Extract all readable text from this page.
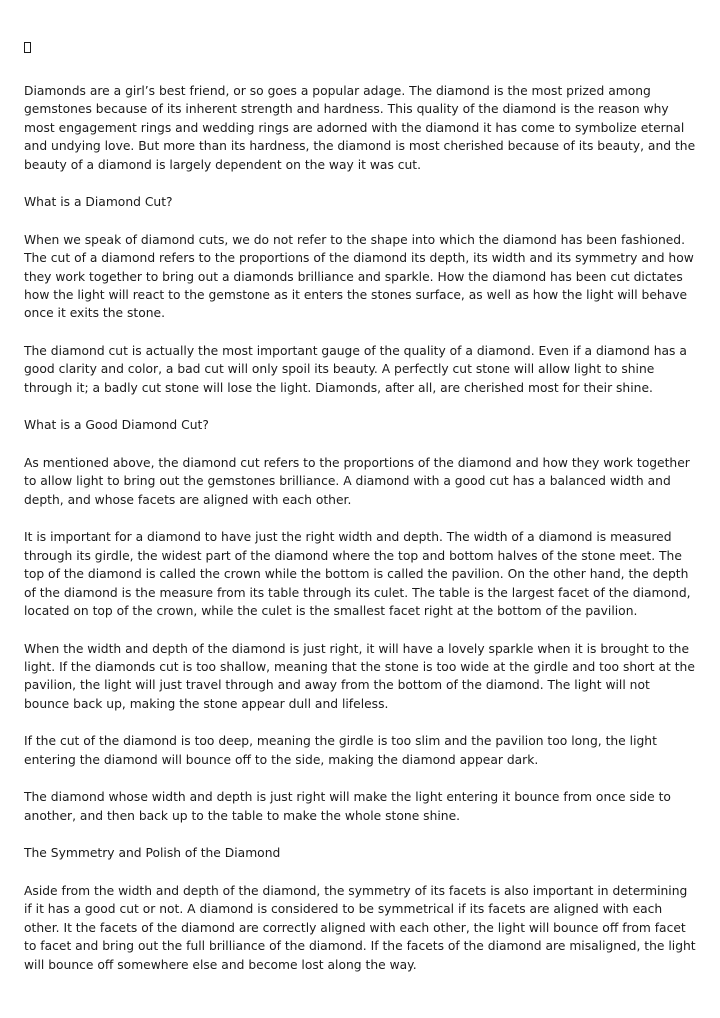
Diamonds are a girl’s best friend, or so goes a popular adage. The diamond is the most prized among gemstones because of its inherent strength and hardness. This quality of the diamond is the reason why most engagement rings and wedding rings are adorned with the diamond it has come to symbolize eternal and undying love. But more than its hardness, the diamond is most cherished because of its beauty, and the beauty of a diamond is largely dependent on the way it was cut.

What is a Diamond Cut?

When we speak of diamond cuts, we do not refer to the shape into which the diamond has been fashioned. The cut of a diamond refers to the proportions of the diamond its depth, its width and its symmetry and how they work together to bring out a diamonds brilliance and sparkle. How the diamond has been cut dictates how the light will react to the gemstone as it enters the stones surface, as well as how the light will behave once it exits the stone.

The diamond cut is actually the most important gauge of the quality of a diamond. Even if a diamond has a good clarity and color, a bad cut will only spoil its beauty. A perfectly cut stone will allow light to shine through it; a badly cut stone will lose the light. Diamonds, after all, are cherished most for their shine.

What is a Good Diamond Cut?

As mentioned above, the diamond cut refers to the proportions of the diamond and how they work together to allow light to bring out the gemstones brilliance. A diamond with a good cut has a balanced width and depth, and whose facets are aligned with each other.

It is important for a diamond to have just the right width and depth. The width of a diamond is measured through its girdle, the widest part of the diamond where the top and bottom halves of the stone meet. The top of the diamond is called the crown while the bottom is called the pavilion. On the other hand, the depth of the diamond is the measure from its table through its culet. The table is the largest facet of the diamond, located on top of the crown, while the culet is the smallest facet right at the bottom of the pavilion.

When the width and depth of the diamond is just right, it will have a lovely sparkle when it is brought to the light. If the diamonds cut is too shallow, meaning that the stone is too wide at the girdle and too short at the pavilion, the light will just travel through and away from the bottom of the diamond. The light will not bounce back up, making the stone appear dull and lifeless.

If the cut of the diamond is too deep, meaning the girdle is too slim and the pavilion too long, the light entering the diamond will bounce off to the side, making the diamond appear dark.

The diamond whose width and depth is just right will make the light entering it bounce from once side to another, and then back up to the table to make the whole stone shine.

The Symmetry and Polish of the Diamond

Aside from the width and depth of the diamond, the symmetry of its facets is also important in determining if it has a good cut or not. A diamond is considered to be symmetrical if its facets are aligned with each other. It the facets of the diamond are correctly aligned with each other, the light will bounce off from facet to facet and bring out the full brilliance of the diamond. If the facets of the diamond are misaligned, the light will bounce off somewhere else and become lost along the way.
